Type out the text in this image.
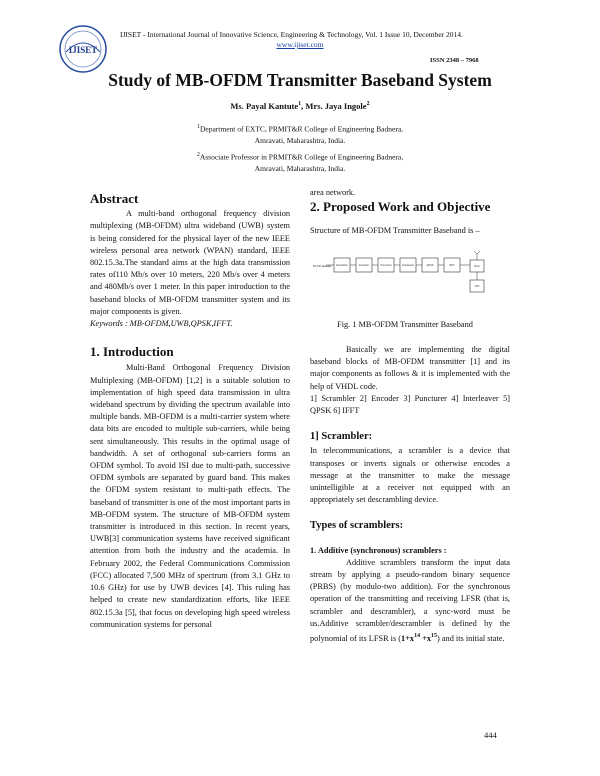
IJISET
IJISET - International Journal of Innovative Science, Engineering & Technology, Vol. 1 Issue 10, December 2014.
www.ijiset.com
ISSN 2348 – 7968
Study of MB-OFDM Transmitter Baseband System
Ms. Payal Kantute$^1$, Mrs. Jaya Ingole$^2$
$^1$Department of EXTC, PRMIT&R College of Engineering Badnera,
Amravati, Maharashtra, India.
$^2$Associate Professor in PRMIT&R College of Engineering Badnera,
Amravati, Maharashtra, India.
Abstract

A multi-band orthogonal frequency division multiplexing (MB-OFDM) ultra wideband (UWB) system is being considered for the physical layer of the new IEEE wireless personal area network (WPAN) standard, IEEE 802.15.3a.The standard aims at the high data transmission rates of110 Mb/s over 10 meters, 220 Mb/s over 4 meters and 480Mb/s over 1 meter. In this paper introduction to the baseband blocks of MB-OFDM transmitter system and its major components is given.

Keywords : MB-OFDM,UWB,QPSK,IFFT.

1. Introduction

Multi-Band Orthogonal Frequency Division Multiplexing (MB-OFDM) [1,2] is a suitable solution to implementation of high speed data transmission in ultra wideband spectrum by dividing the spectrum available into multiple bands. MB-OFDM is a multi-carrier system where data bits are encoded to multiple sub-carriers, while being sent simultaneously. This results in the optimal usage of bandwidth. A set of orthogonal sub-carriers forms an OFDM symbol. To avoid ISI due to multi-path, successive OFDM symbols are separated by guard band. This makes the OFDM system resistant to multi-path effects. The baseband of transmitter is one of the most important parts in MB-OFDM system. The structure of MB-OFDM system transmitter is introduced in this section. In recent years, UWB[3] communication systems have received significant attention from both the industry and the academia. In February 2002, the Federal Communications Commission (FCC) allocated 7,500 MHz of spectrum (from 3.1 GHz to 10.6 GHz) for use by UWB devices [4]. This ruling has helped to create new standardization efforts, like IEEE 802.15.3a [5], that focus on developing high speed wireless communication systems for personal

area network.

2. Proposed Work and Objective

Structure of MB-OFDM Transmitter Baseband is –

PLCP Header Scrambler	Encoder	Puncturer	Interleaver	QPSK	IFFT	DAC
LPF
Fig. 1 MB-OFDM Transmitter Baseband

Basically we are implementing the digital baseband blocks of MB-OFDM transmitter [1] and its major components as follows & it is implemented with the help of VHDL code.

1] Scrambler 2] Encoder 3] Puncturer 4] Interleaver 5] QPSK 6] IFFT

1] Scrambler:

In telecommunications, a scrambler is a device that transposes or inverts signals or otherwise encodes a message at the transmitter to make the message unintelligible at a receiver not equipped with an appropriately set descrambling device.

Types of scramblers:
1. Additive (synchronous) scramblers :

Additive scramblers transform the input data stream by applying a pseudo-random binary sequence (PRBS) (by modulo-two addition). For the synchronous operation of the transmitting and receiving LFSR (that is, scrambler and descrambler), a sync-word must be us.Additive scrambler/descrambler is defined by the polynomial of its LFSR is $(1+x^{14} +x^{15})$ and its initial state.

444
